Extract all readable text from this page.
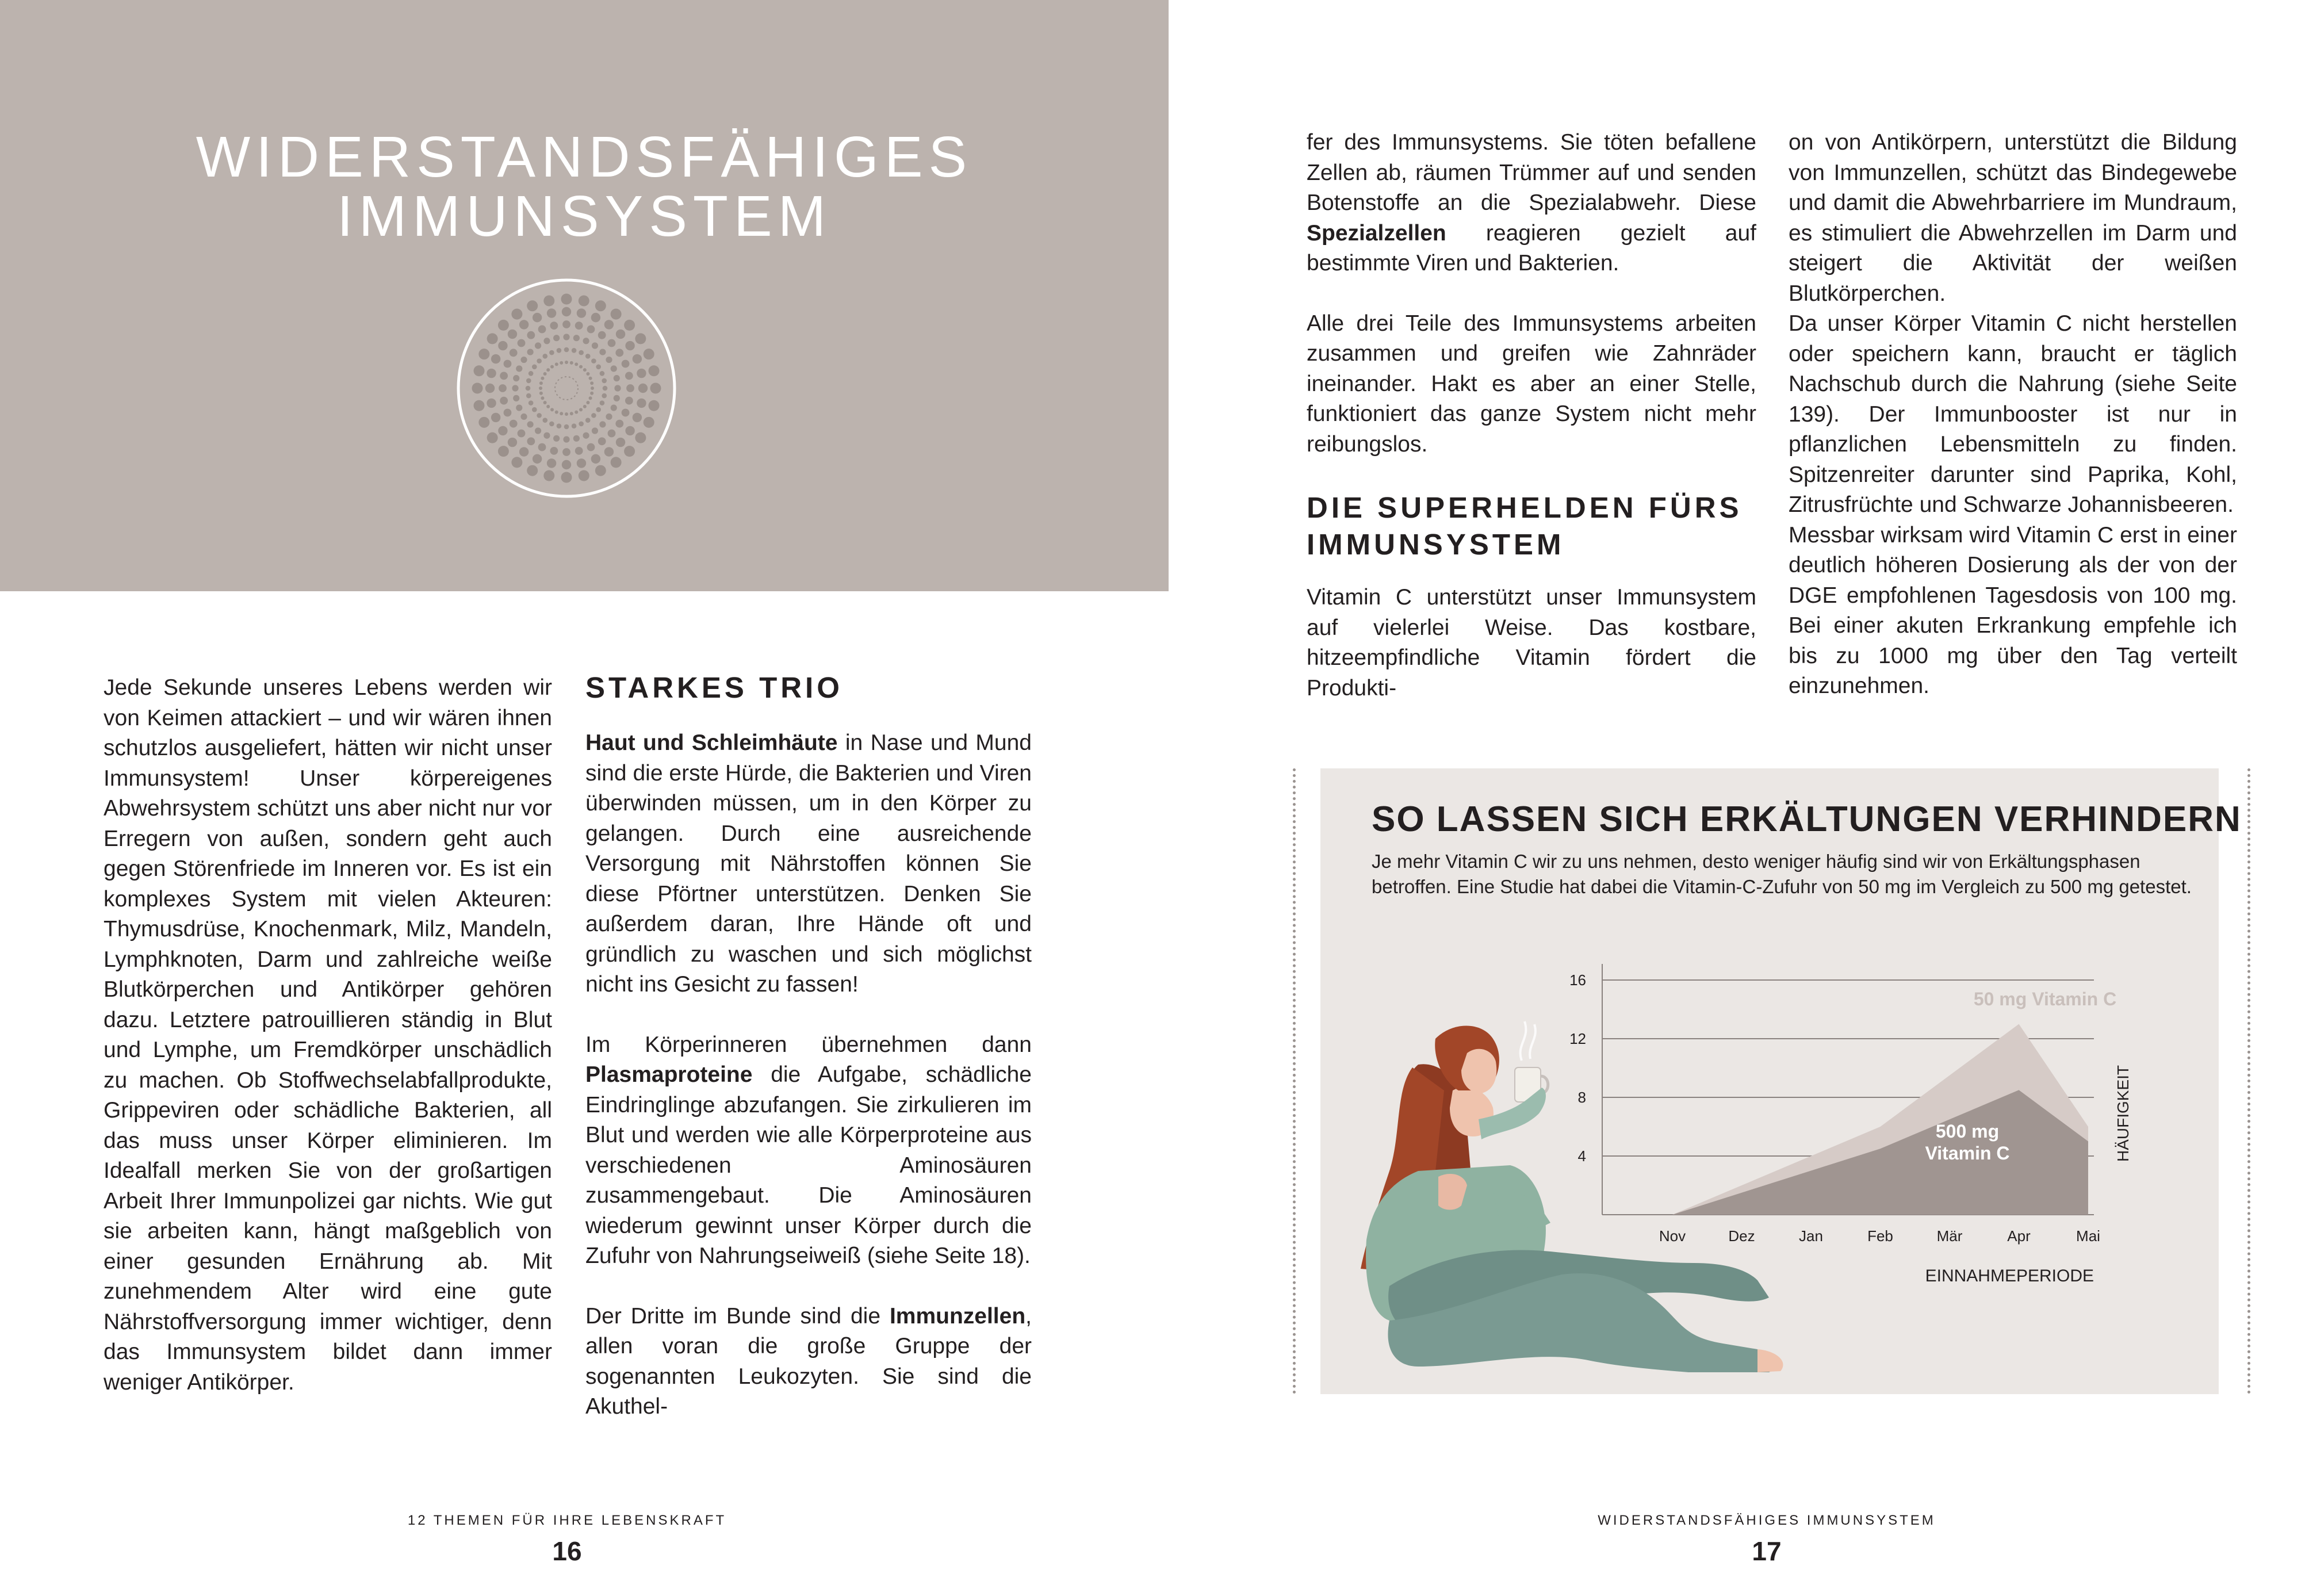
WIDERSTANDSFÄHIGES
IMMUNSYSTEM

Jede Sekunde unseres Lebens werden wir von Keimen attackiert – und wir wären ihnen schutzlos ausgeliefert, hätten wir nicht unser Immunsystem! Unser körpereigenes Abwehrsystem schützt uns aber nicht nur vor Erregern von außen, sondern geht auch gegen Störenfriede im Inneren vor. Es ist ein komplexes System mit vielen Akteuren: Thymusdrüse, Knochenmark, Milz, Mandeln, Lymphknoten, Darm und zahlreiche weiße Blutkörperchen und Antikörper gehören dazu. Letztere patrouillieren ständig in Blut und Lymphe, um Fremdkörper unschädlich zu machen. Ob Stoffwechselabfallprodukte, Grippeviren oder schädliche Bakterien, all das muss unser Körper eliminieren. Im Idealfall merken Sie von der großartigen Arbeit Ihrer Immunpolizei gar nichts. Wie gut sie arbeiten kann, hängt maßgeblich von einer gesunden Ernährung ab. Mit zunehmendem Alter wird eine gute Nährstoffversorgung immer wichtiger, denn das Immunsystem bildet dann immer weniger Antikörper.

STARKES TRIO

Haut und Schleimhäute in Nase und Mund sind die erste Hürde, die Bakterien und Viren überwinden müssen, um in den Körper zu gelangen. Durch eine ausreichende Versorgung mit Nährstoffen können Sie diese Pförtner unterstützen. Denken Sie außerdem daran, Ihre Hände oft und gründlich zu waschen und sich möglichst nicht ins Gesicht zu fassen!

Im Körperinneren übernehmen dann Plasmaproteine die Aufgabe, schädliche Eindringlinge abzufangen. Sie zirkulieren im Blut und werden wie alle Körperproteine aus verschiedenen Aminosäuren zusammengebaut. Die Aminosäuren wiederum gewinnt unser Körper durch die Zufuhr von Nahrungseiweiß (siehe Seite 18).

Der Dritte im Bunde sind die Immunzellen, allen voran die große Gruppe der sogenannten Leukozyten. Sie sind die Akuthel-

12 THEMEN FÜR IHRE LEBENSKRAFT
16

fer des Immunsystems. Sie töten befallene Zellen ab, räumen Trümmer auf und senden Botenstoffe an die Spezialabwehr. Diese Spezialzellen reagieren gezielt auf bestimmte Viren und Bakterien.

Alle drei Teile des Immunsystems arbeiten zusammen und greifen wie Zahnräder ineinander. Hakt es aber an einer Stelle, funktioniert das ganze System nicht mehr reibungslos.

DIE SUPERHELDEN FÜRS
IMMUNSYSTEM

Vitamin C unterstützt unser Immunsystem auf vielerlei Weise. Das kostbare, hitzeempfindliche Vitamin fördert die Produkti-

on von Antikörpern, unterstützt die Bildung von Immunzellen, schützt das Bindegewebe und damit die Abwehrbarriere im Mundraum, es stimuliert die Abwehrzellen im Darm und steigert die Aktivität der weißen Blutkörperchen.

Da unser Körper Vitamin C nicht herstellen oder speichern kann, braucht er täglich Nachschub durch die Nahrung (siehe Seite 139). Der Immunbooster ist nur in pflanzlichen Lebensmitteln zu finden. Spitzenreiter darunter sind Paprika, Kohl, Zitrusfrüchte und Schwarze Johannisbeeren.

Messbar wirksam wird Vitamin C erst in einer deutlich höheren Dosierung als der von der DGE empfohlenen Tagesdosis von 100 mg. Bei einer akuten Erkrankung empfehle ich bis zu 1000 mg über den Tag verteilt einzunehmen.

SO LASSEN SICH ERKÄLTUNGEN VERHINDERN
Je mehr Vitamin C wir zu uns nehmen, desto weniger häufig sind wir von Erkältungsphasen betroffen. Eine Studie hat dabei die Vitamin-C-Zufuhr von 50 mg im Vergleich zu 500 mg getestet.
4
8
12
16
50 mg Vitamin C
500 mg
Vitamin C
Nov	Dez	Jan	Feb	Mär	Apr	Mai
EINNAHMEPERIODE
HÄUFIGKEIT
WIDERSTANDSFÄHIGES IMMUNSYSTEM
17
